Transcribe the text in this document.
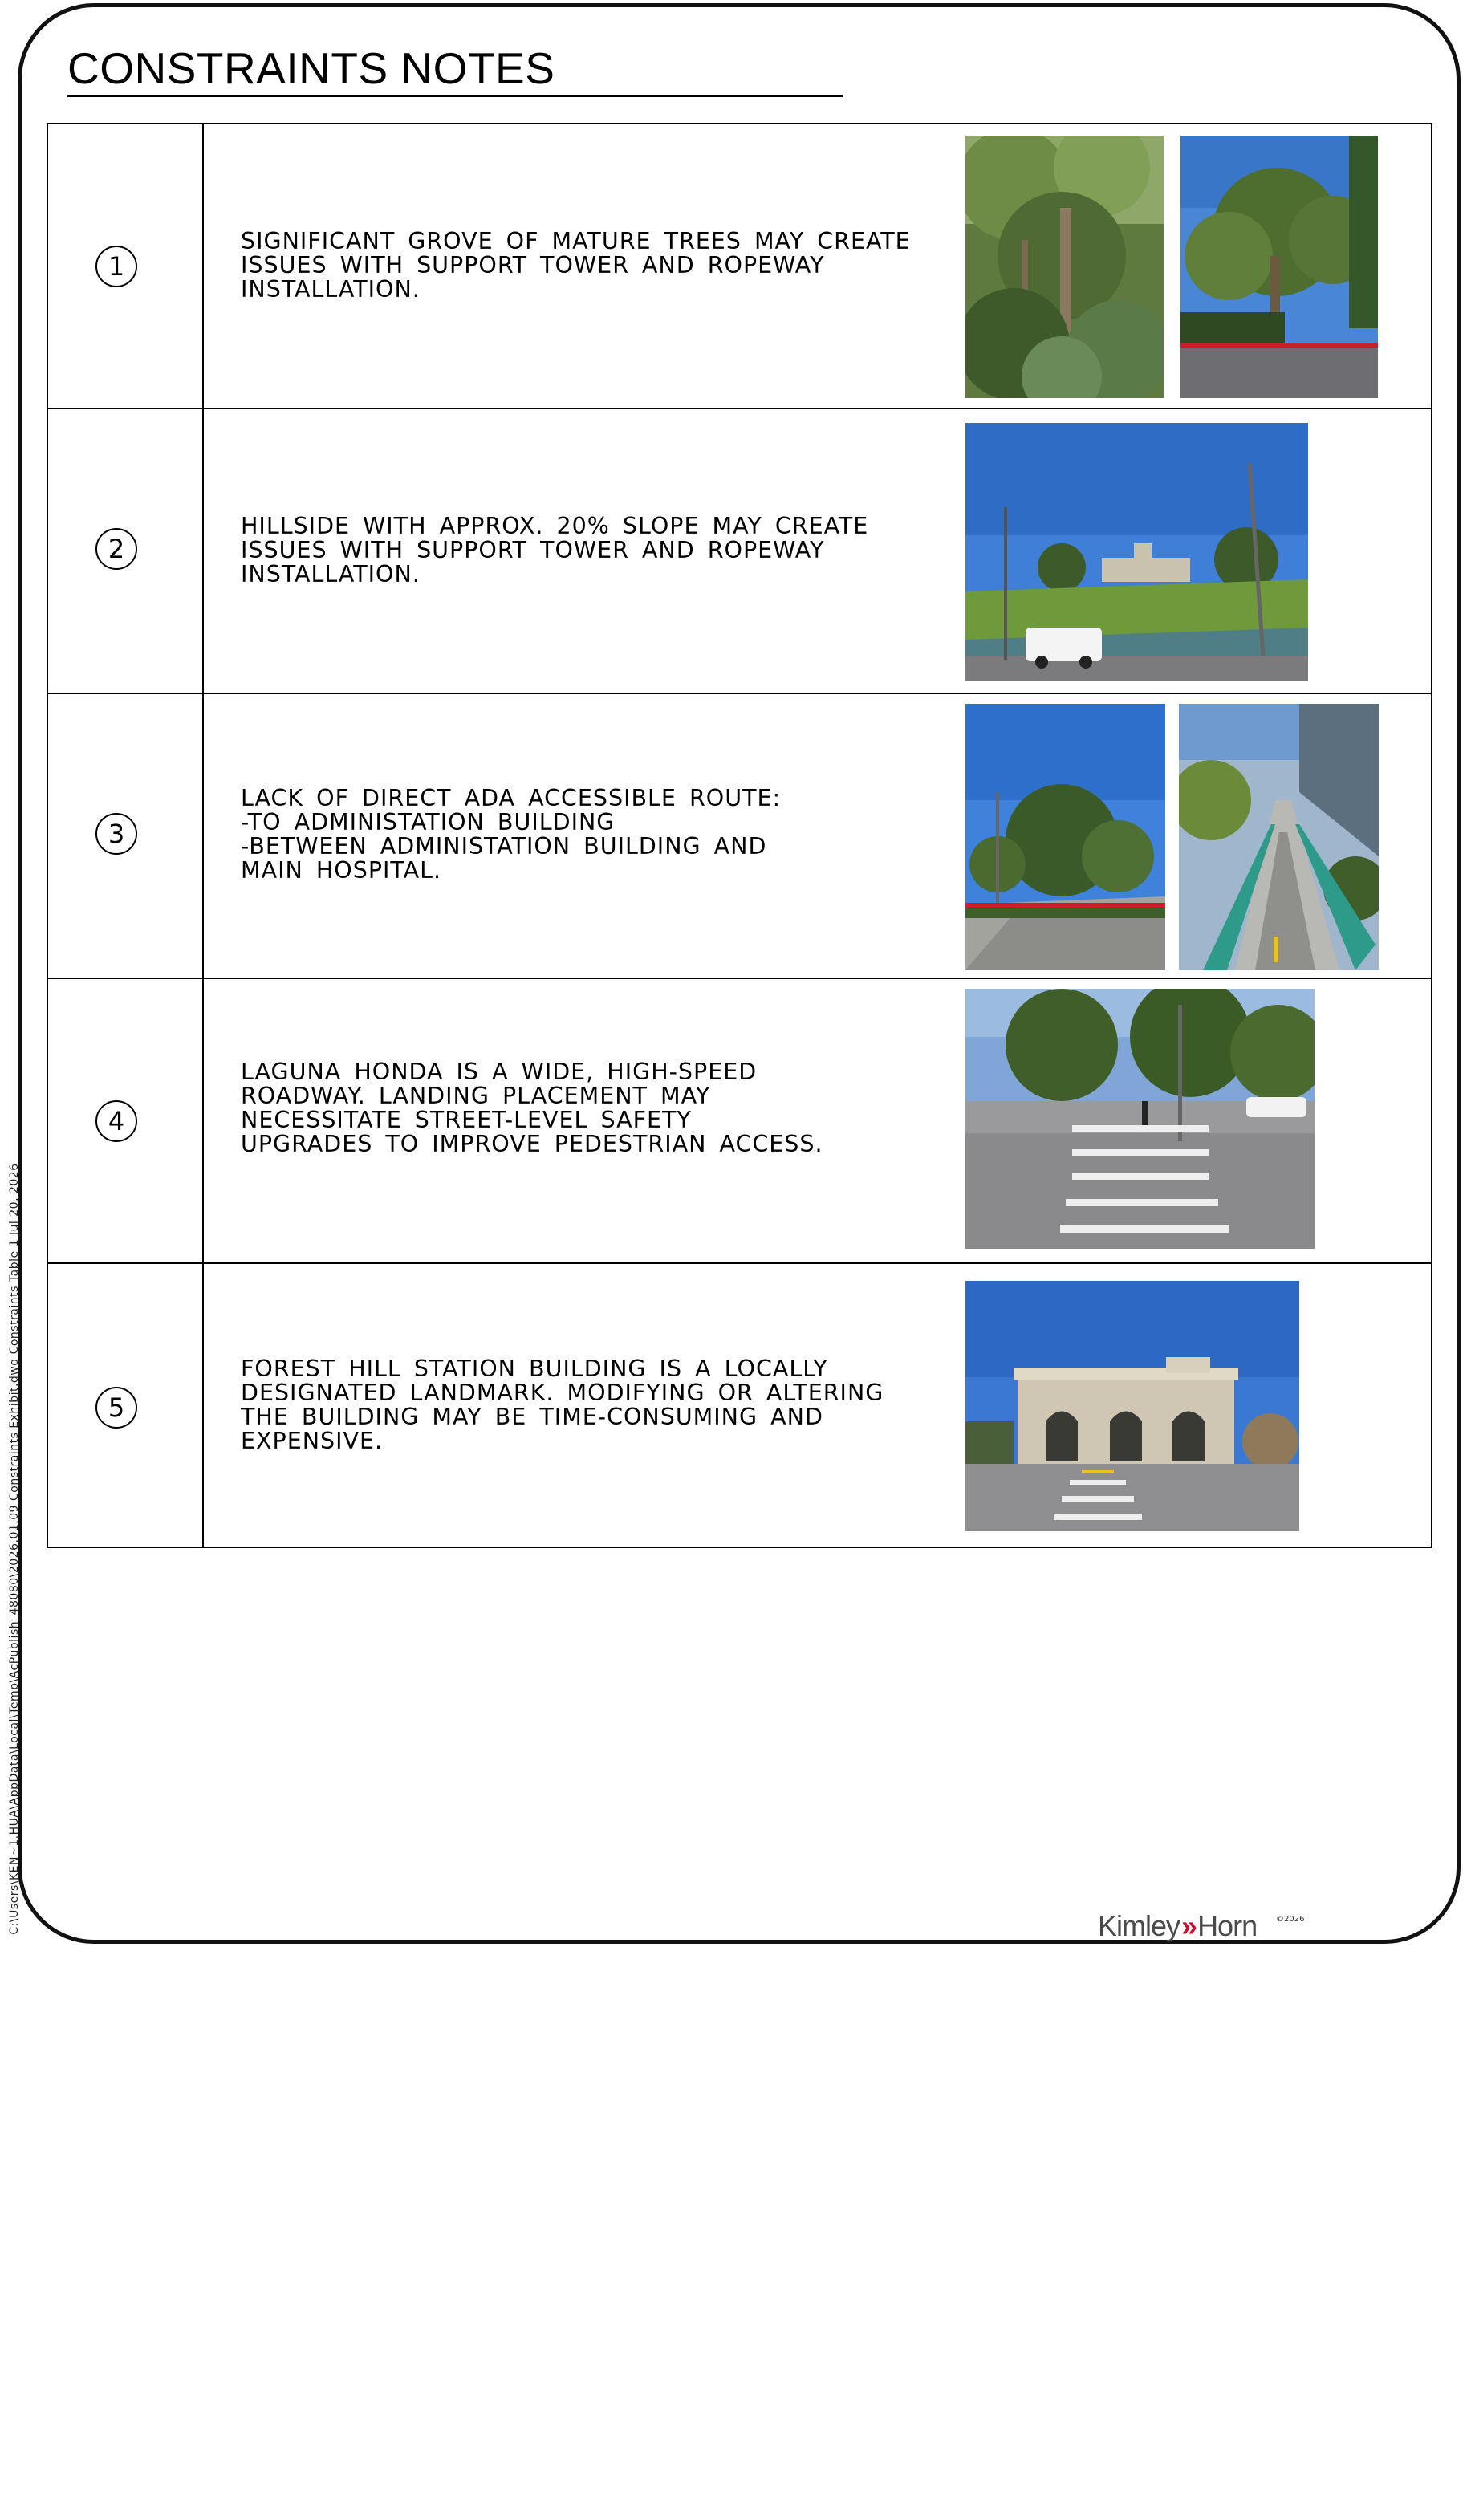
CONSTRAINTS NOTES
1
SIGNIFICANT GROVE OF MATURE TREES MAY CREATE
ISSUES WITH SUPPORT TOWER AND ROPEWAY
INSTALLATION.
2
HILLSIDE WITH APPROX. 20% SLOPE MAY CREATE
ISSUES WITH SUPPORT TOWER AND ROPEWAY
INSTALLATION.
3
LACK OF DIRECT ADA ACCESSIBLE ROUTE:
-TO ADMINISTATION BUILDING
-BETWEEN ADMINISTATION BUILDING AND
MAIN HOSPITAL.
4
LAGUNA HONDA IS A WIDE, HIGH-SPEED
ROADWAY. LANDING PLACEMENT MAY
NECESSITATE STREET-LEVEL SAFETY
UPGRADES TO IMPROVE PEDESTRIAN ACCESS.
5
FOREST HILL STATION BUILDING IS A LOCALLY
DESIGNATED LANDMARK. MODIFYING OR ALTERING
THE BUILDING MAY BE TIME-CONSUMING AND
EXPENSIVE.
C:\Users\KEN~1.HUA\AppData\Local\Temp\AcPublish_48080\2026.01.09 Constraints Exhibit.dwg Constraints Table 1 Jul 20, 2026	Kimley» Horn	©2026
